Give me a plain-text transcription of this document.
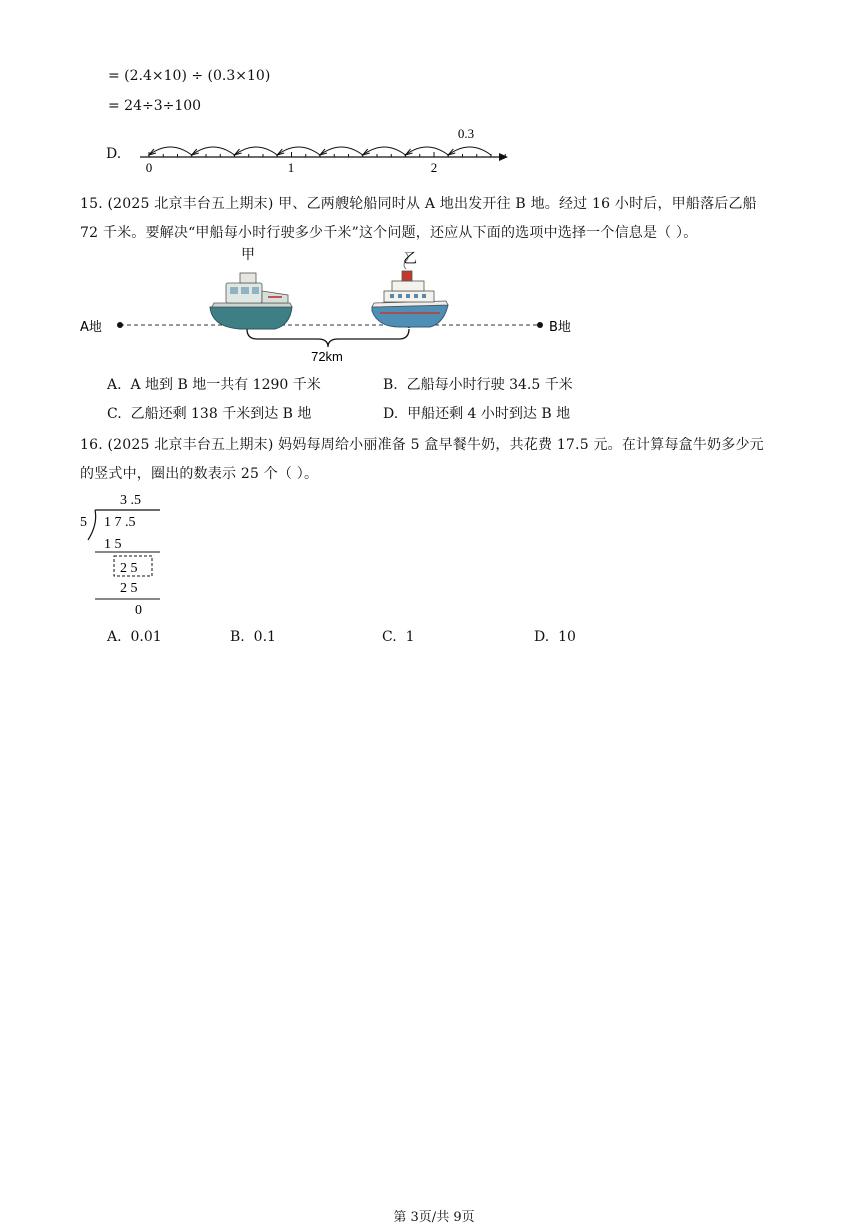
= (2.4×10) ÷ (0.3×10)
= 24÷3÷100
D.
0	1	2
0.3
15. (2025 北京丰台五上期末) 甲、乙两艘轮船同时从 A 地出发开往 B 地。经过 16 小时后，甲船落后乙船
72 千米。要解决“甲船每小时行驶多少千米”这个问题，还应从下面的选项中选择一个信息是（ ）。
甲	乙
A地	B地
72km
A. A 地到 B 地一共有 1290 千米	B. 乙船每小时行驶 34.5 千米
C. 乙船还剩 138 千米到达 B 地	D. 甲船还剩 4 小时到达 B 地
16. (2025 北京丰台五上期末) 妈妈每周给小丽准备 5 盒早餐牛奶，共花费 17.5 元。在计算每盒牛奶多少元
的竖式中，圈出的数表示 25 个（ ）。
3 .5
5 1 7 .5
1 5
2 5
2 5
0
A. 0.01	B. 0.1	C. 1	D. 10
第 3页/共 9页
